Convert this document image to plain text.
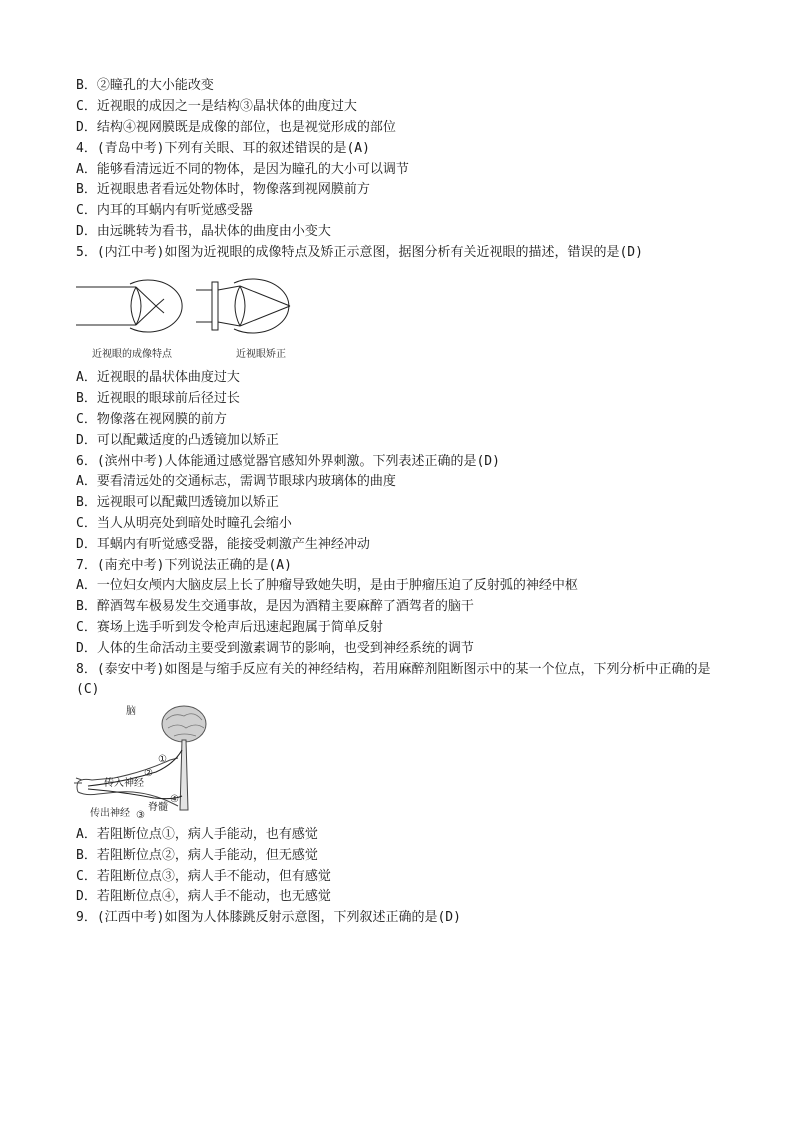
B．②瞳孔的大小能改变
C．近视眼的成因之一是结构③晶状体的曲度过大
D．结构④视网膜既是成像的部位，也是视觉形成的部位
4．(青岛中考)下列有关眼、耳的叙述错误的是(A)
A．能够看清远近不同的物体，是因为瞳孔的大小可以调节
B．近视眼患者看远处物体时，物像落到视网膜前方
C．内耳的耳蜗内有听觉感受器
D．由远眺转为看书，晶状体的曲度由小变大
5．(内江中考)如图为近视眼的成像特点及矫正示意图，据图分析有关近视眼的描述，错误的是(D)
近视眼的成像特点	近视眼矫正
A．近视眼的晶状体曲度过大
B．近视眼的眼球前后径过长
C．物像落在视网膜的前方
D．可以配戴适度的凸透镜加以矫正
6．(滨州中考)人体能通过感觉器官感知外界刺激。下列表述正确的是(D)
A．要看清远处的交通标志，需调节眼球内玻璃体的曲度
B．远视眼可以配戴凹透镜加以矫正
C．当人从明亮处到暗处时瞳孔会缩小
D．耳蜗内有听觉感受器，能接受刺激产生神经冲动
7．(南充中考)下列说法正确的是(A)
A．一位妇女颅内大脑皮层上长了肿瘤导致她失明，是由于肿瘤压迫了反射弧的神经中枢
B．醉酒驾车极易发生交通事故，是因为酒精主要麻醉了酒驾者的脑干
C．赛场上选手听到发令枪声后迅速起跑属于简单反射
D．人体的生命活动主要受到激素调节的影响，也受到神经系统的调节
8．(泰安中考)如图是与缩手反应有关的神经结构，若用麻醉剂阻断图示中的某一个位点，下列分析中正确的是(C)
脑
传入神经
传出神经
脊髓
①
②
③
④
A．若阻断位点①，病人手能动，也有感觉
B．若阻断位点②，病人手能动，但无感觉
C．若阻断位点③，病人手不能动，但有感觉
D．若阻断位点④，病人手不能动，也无感觉
9．(江西中考)如图为人体膝跳反射示意图，下列叙述正确的是(D)
